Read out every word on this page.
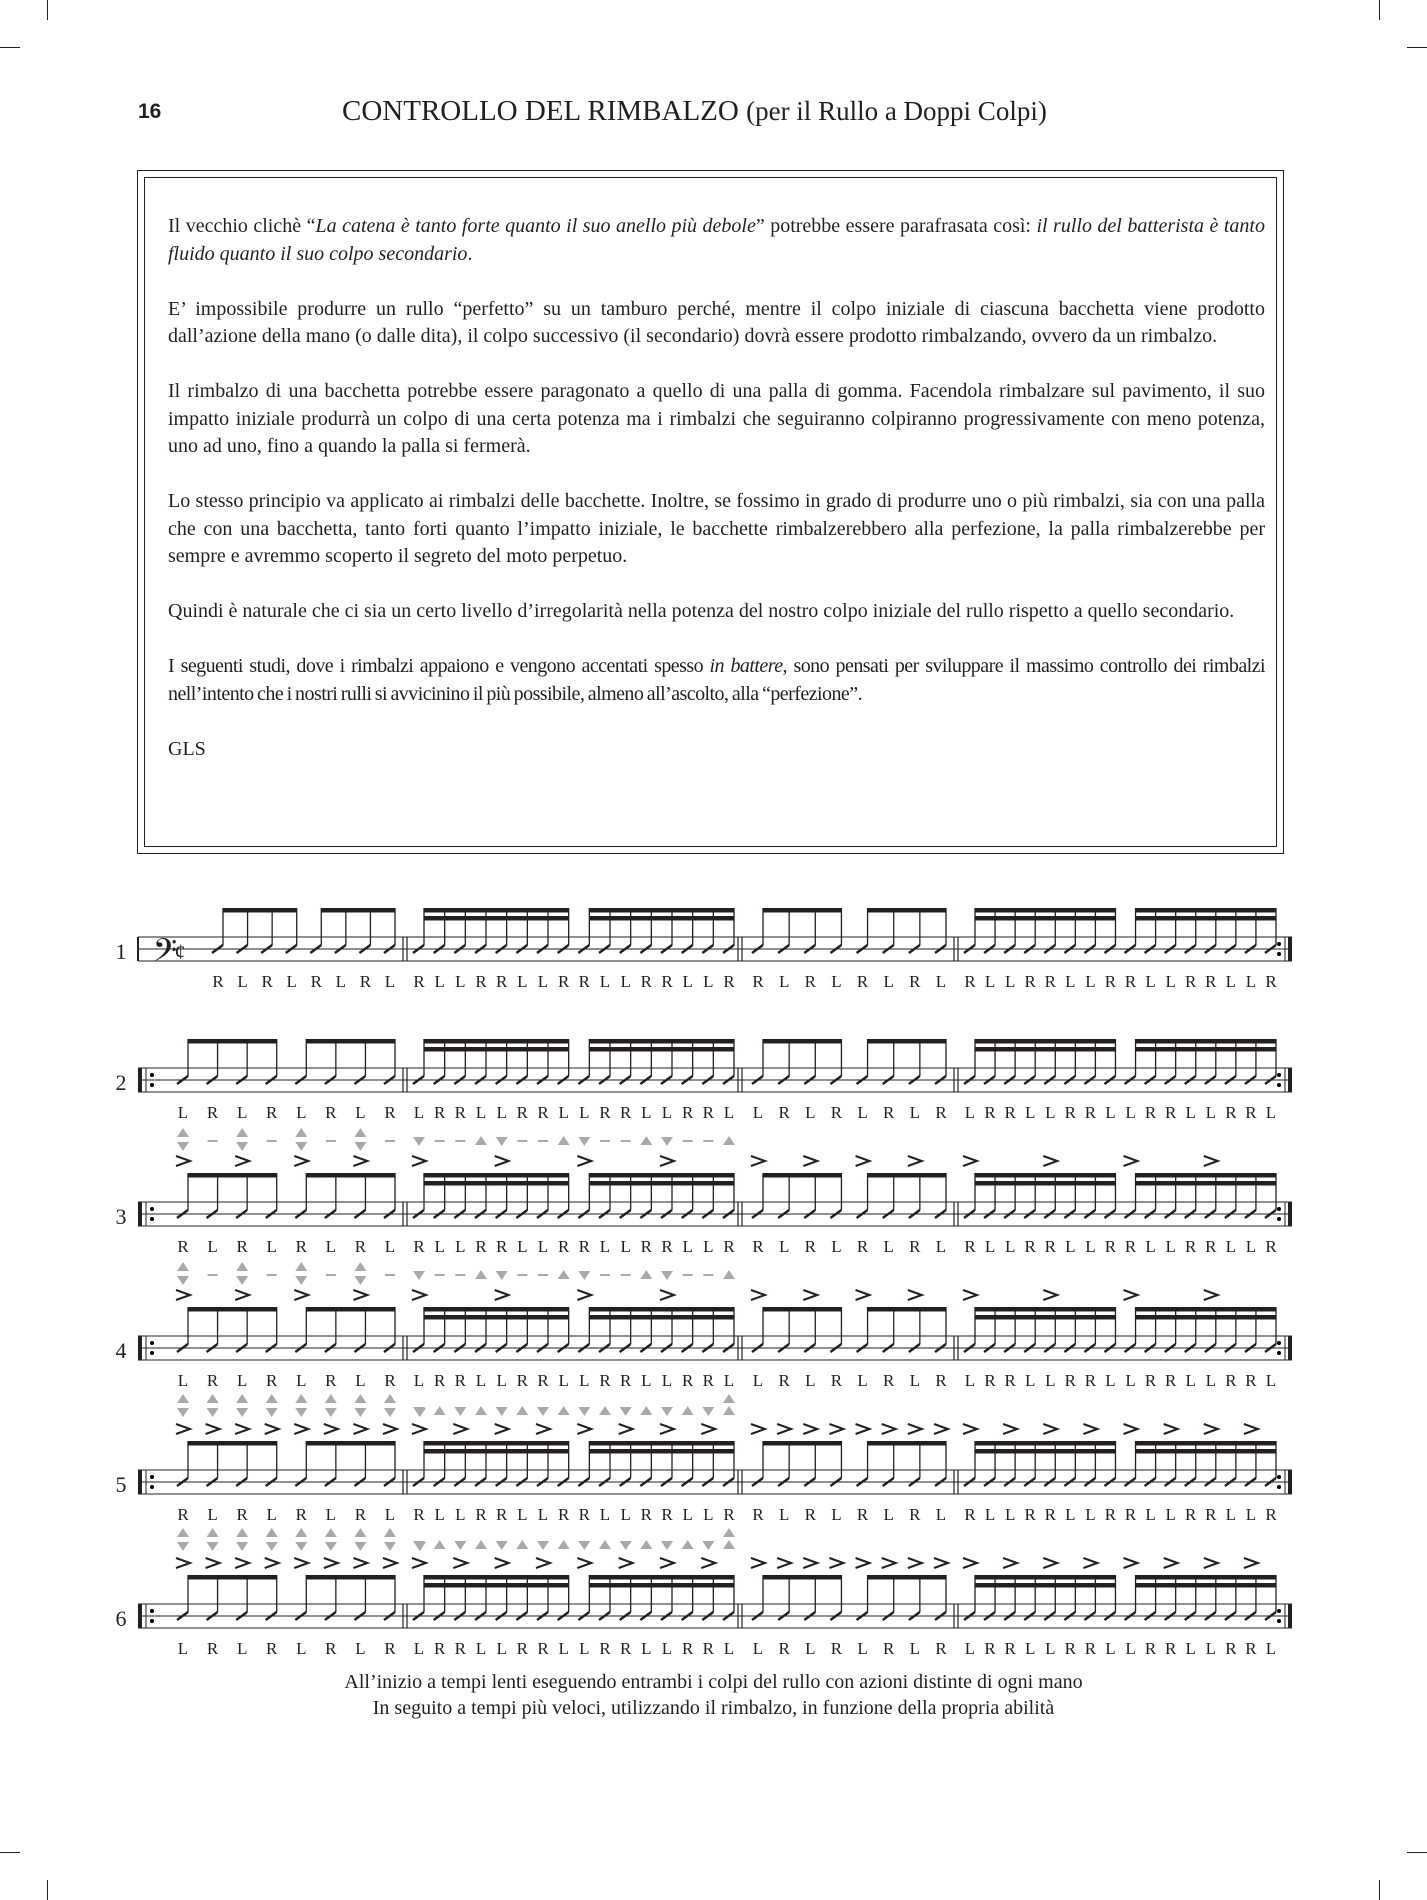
16	CONTROLLO DEL RIMBALZO (per il Rullo a Doppi Colpi)

Il vecchio clichè “La catena è tanto forte quanto il suo anello più debole” potrebbe essere parafrasata così: il rullo del batterista è tanto fluido quanto il suo colpo secondario.

E’ impossibile produrre un rullo “perfetto” su un tamburo perché, mentre il colpo iniziale di ciascuna bacchetta viene prodotto dall’azione della mano (o dalle dita), il colpo successivo (il secondario) dovrà essere prodotto rimbalzando, ovvero da un rimbalzo.

Il rimbalzo di una bacchetta potrebbe essere paragonato a quello di una palla di gomma. Facendola rimbalzare sul pavimento, il suo impatto iniziale produrrà un colpo di una certa potenza ma i rimbalzi che seguiranno colpiranno progressivamente con meno potenza, uno ad uno, fino a quando la palla si fermerà.

Lo stesso principio va applicato ai rimbalzi delle bacchette. Inoltre, se fossimo in grado di produrre uno o più rimbalzi, sia con una palla che con una bacchetta, tanto forti quanto l’impatto iniziale, le bacchette rimbalzerebbero alla perfezione, la palla rimbalzerebbe per sempre e avremmo scoperto il segreto del moto perpetuo.

Quindi è naturale che ci sia un certo livello d’irregolarità nella potenza del nostro colpo iniziale del rullo rispetto a quello secondario.

I seguenti studi, dove i rimbalzi appaiono e vengono accentati spesso in battere, sono pensati per sviluppare il massimo controllo dei rimbalzi nell’intento che i nostri rulli si avvicinino il più possibile, almeno all’ascolto, alla “perfezione”.

GLS

1 𝄢
¢
R L R L R L R L R L L R R L L R R L L R R L L R R L R L R L R L R L L R R L L R R L L R R L L R
2
L R L R L R L R L R R L L R R L L R R L L R R L L R L R L R L R L R R L L R R L L R R L L R R L
3
R L R L R L R L R L L R R L L R R L L R R L L R R L R L R L R L R L L R R L L R R L L R R L L R
4
L R L R L R L R L R R L L R R L L R R L L R R L L R L R L R L R L R R L L R R L L R R L L R R L
5
R L R L R L R L R L L R R L L R R L L R R L L R R L R L R L R L R L L R R L L R R L L R R L L R
6
L R L R L R L R L R R L L R R L L R R L L R R L L R L R L R L R L R R L L R R L L R R L L R R L
All’inizio a tempi lenti eseguendo entrambi i colpi del rullo con azioni distinte di ogni mano
In seguito a tempi più veloci, utilizzando il rimbalzo, in funzione della propria abilità
